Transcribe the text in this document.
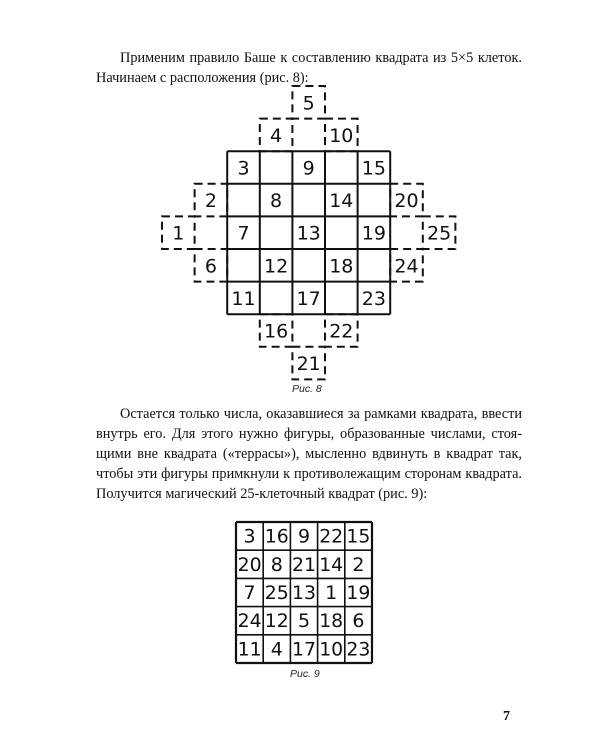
Применим правило Баше к составлению квадрата из 5×5 клеток.
Начинаем с расположения (рис. 8):

1
2
3
4
5
6
7
8
9
10
11
12
13
14
15
16
17
18
19
20
21
22
23
24
25
Рис. 8

Остается только числа, оказавшиеся за рамками квадрата, ввести
внутрь его. Для этого нужно фигуры, образованные числами, стоя-
щими вне квадрата («террасы»), мысленно вдвинуть в квадрат так,
чтобы эти фигуры примкнули к противолежащим сторонам квадрата.
Получится магический 25-клеточный квадрат (рис. 9):

3 16 9 22 15
20 8 21 14 2
7 25 13 1 19
24 12 5 18 6
11 4 17 10 23
Рис. 9
7
